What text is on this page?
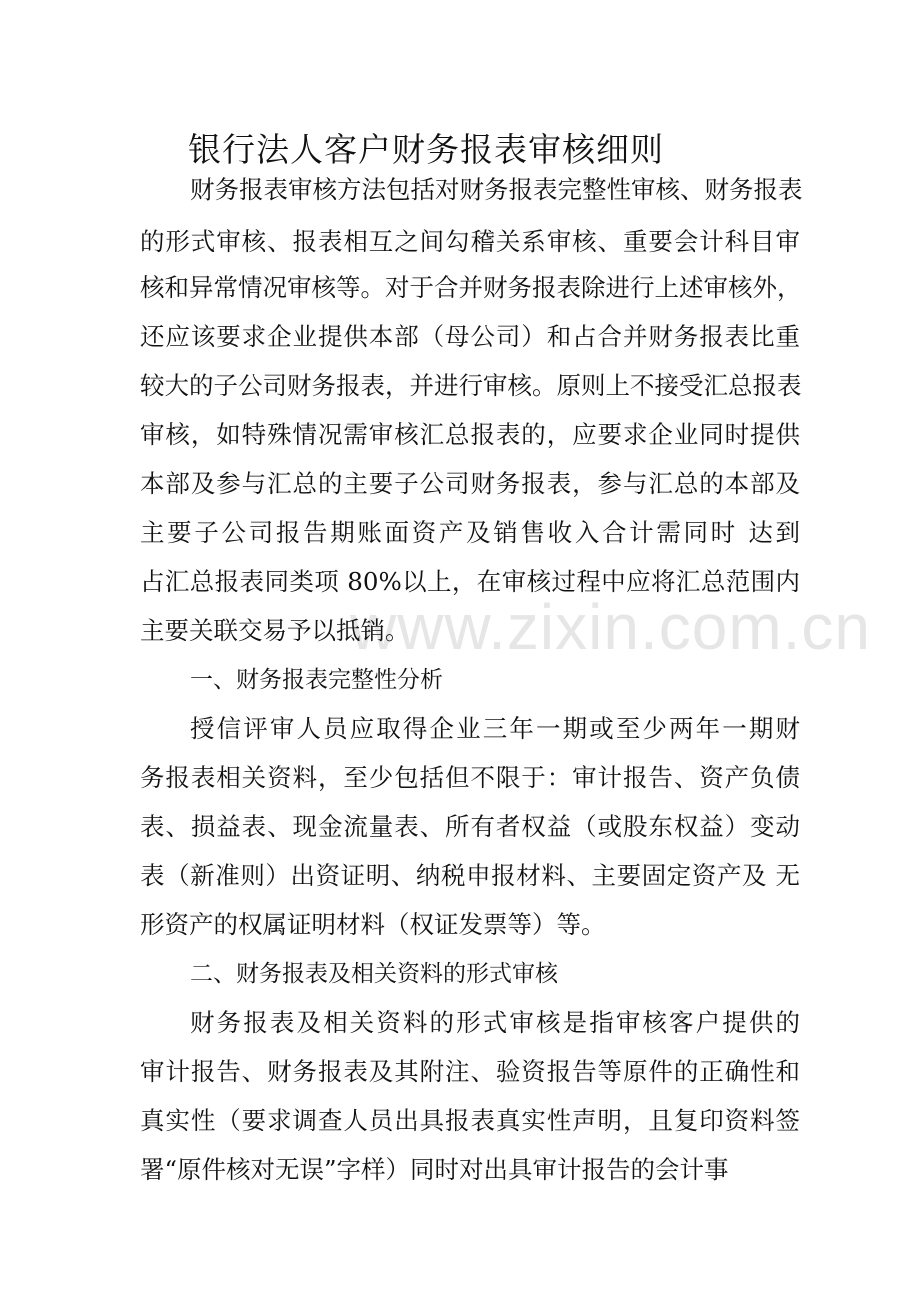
www.zixin.com.cn
银行法人客户财务报表审核细则
财务报表审核方法包括对财务报表完整性审核、财务报表
的形式审核、报表相互之间勾稽关系审核、重要会计科目审
核和异常情况审核等。对于合并财务报表除进行上述审核外，
还应该要求企业提供本部（母公司）和占合并财务报表比重
较大的子公司财务报表，并进行审核。原则上不接受汇总报表
审核，如特殊情况需审核汇总报表的，应要求企业同时提供
本部及参与汇总的主要子公司财务报表，参与汇总的本部及
主要子公司报告期账面资产及销售收入合计需同时 达到
占汇总报表同类项 80%以上，在审核过程中应将汇总范围内
主要关联交易予以抵销。
一、财务报表完整性分析
授信评审人员应取得企业三年一期或至少两年一期财
务报表相关资料，至少包括但不限于：审计报告、资产负债
表、损益表、现金流量表、所有者权益（或股东权益）变动
表（新准则）出资证明、纳税申报材料、主要固定资产及 无
形资产的权属证明材料（权证发票等）等。
二、财务报表及相关资料的形式审核
财务报表及相关资料的形式审核是指审核客户提供的
审计报告、财务报表及其附注、验资报告等原件的正确性和
真实性（要求调查人员出具报表真实性声明，且复印资料签
署“原件核对无误”字样）同时对出具审计报告的会计事
